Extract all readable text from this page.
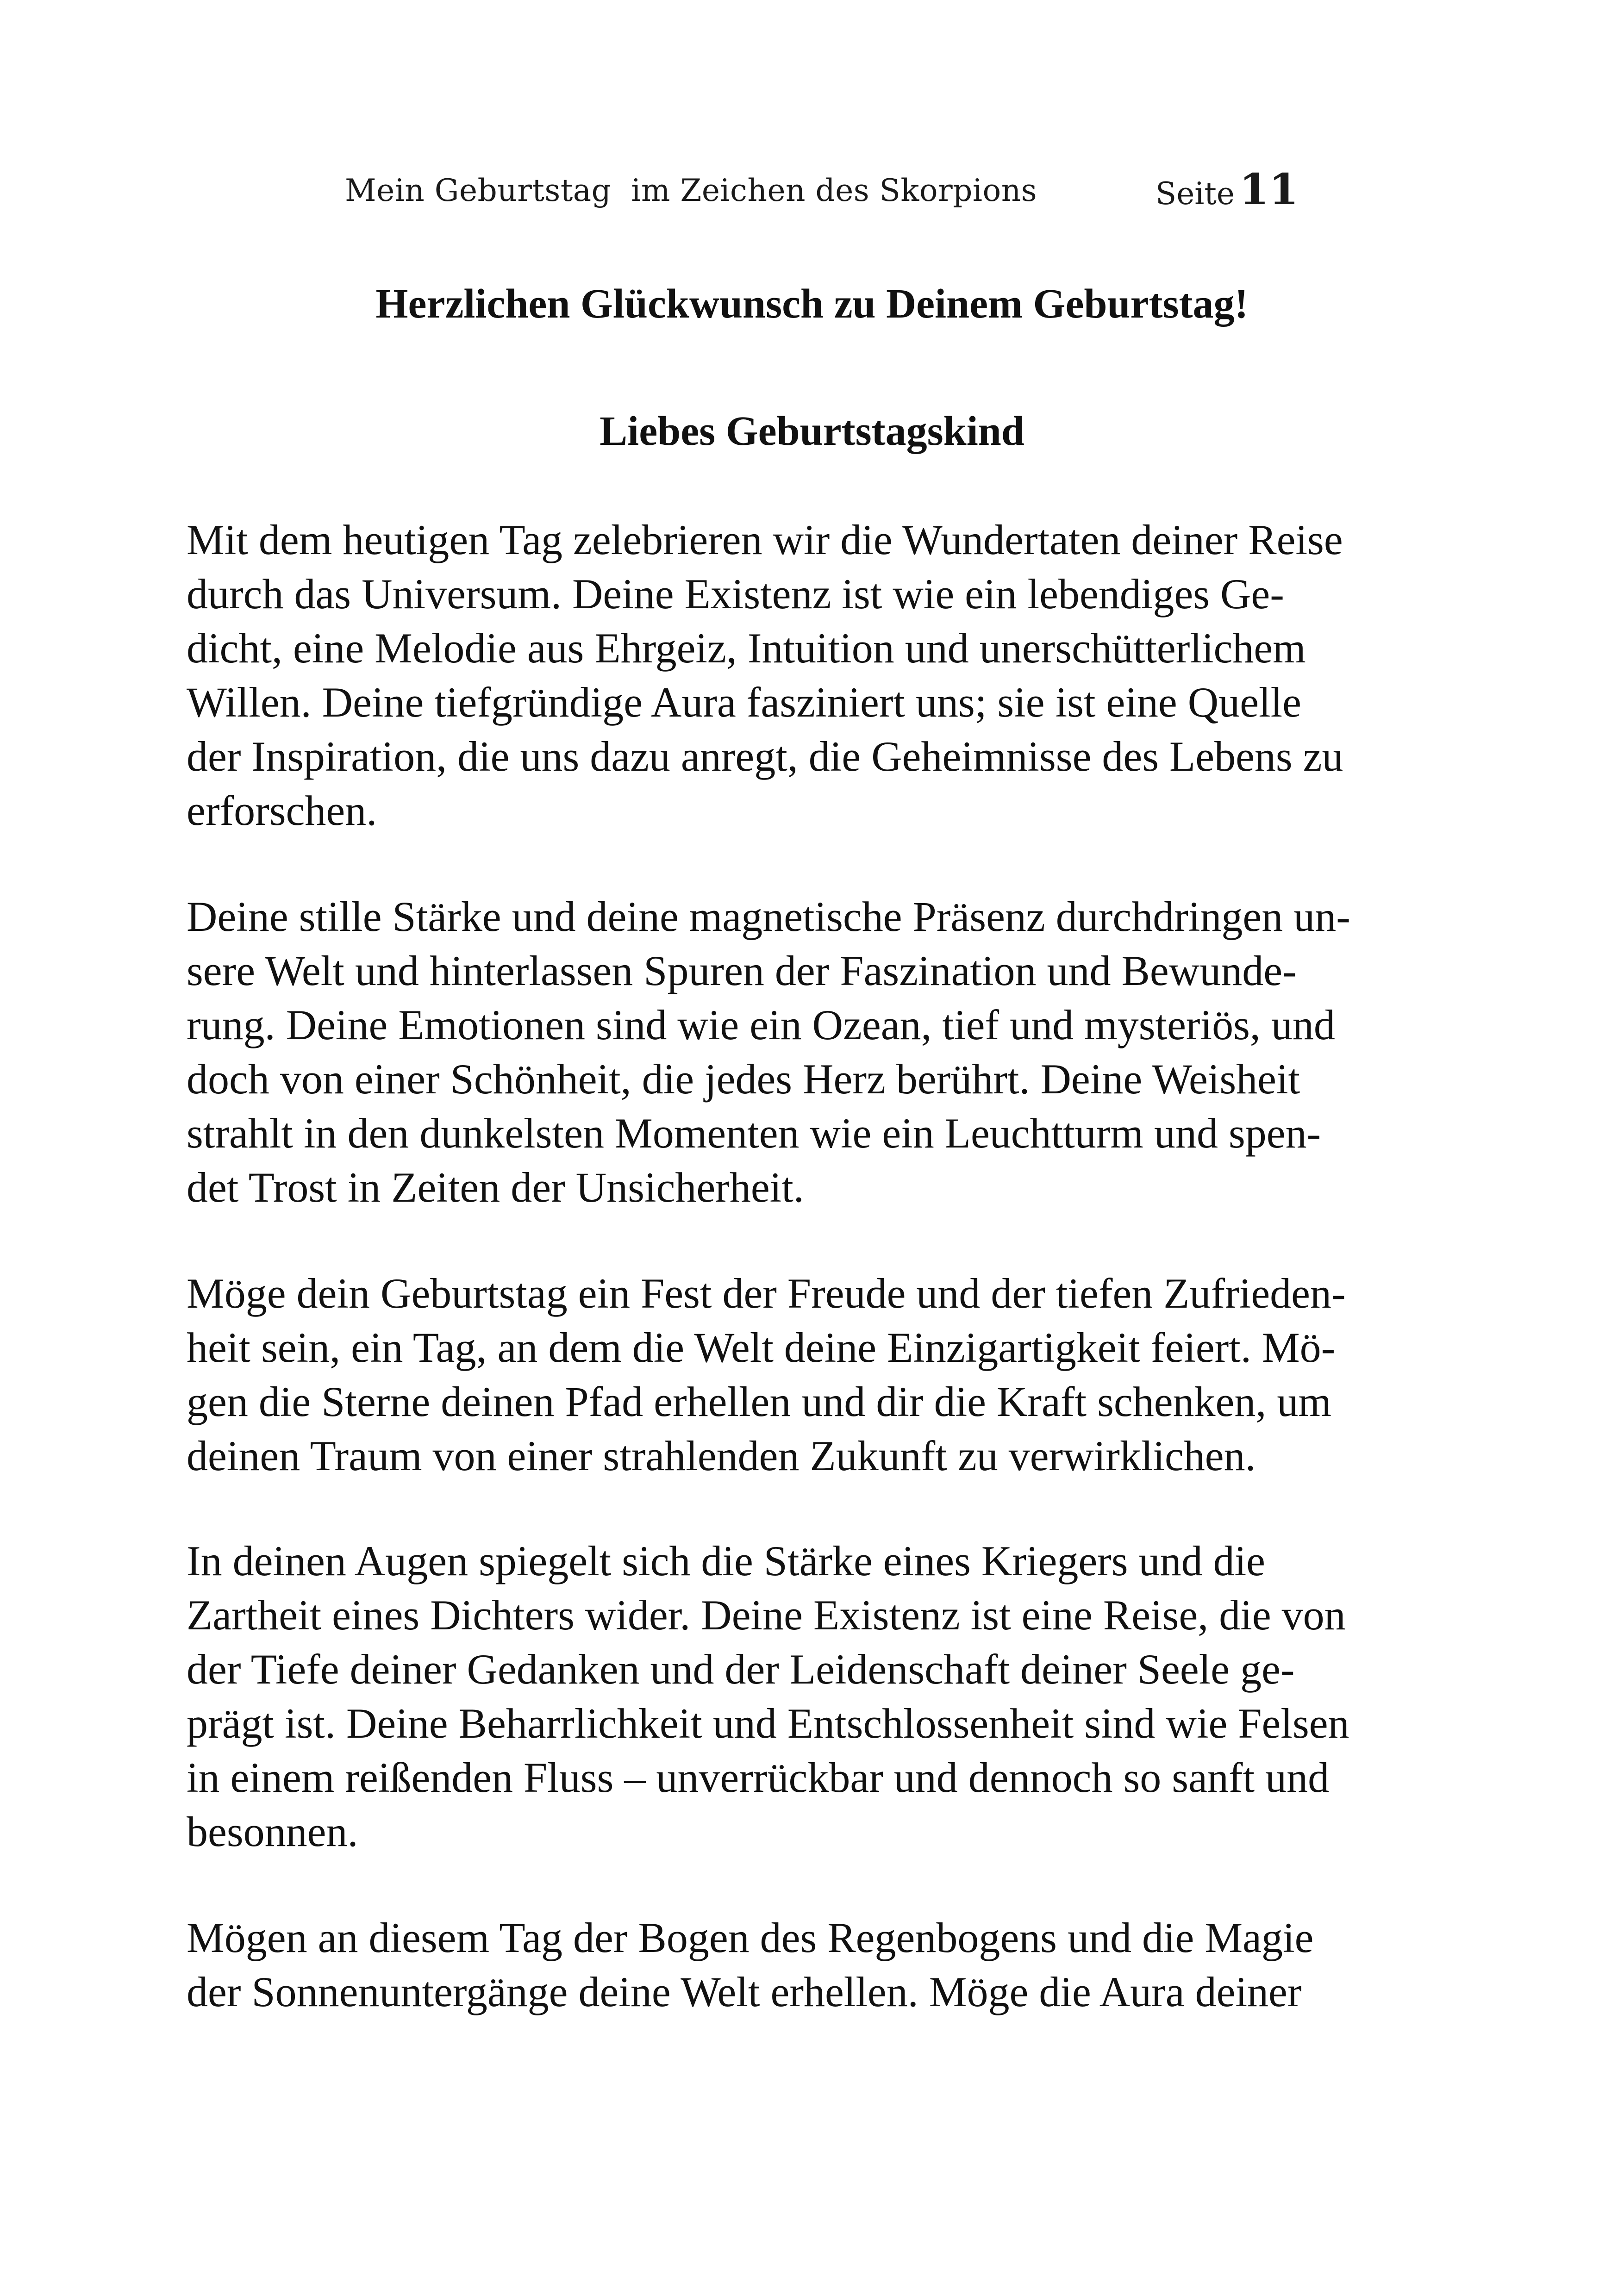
Mein Geburtstag  im Zeichen des Skorpions	Seite 11
Herzlichen Glückwunsch zu Deinem Geburtstag!
Liebes Geburtstagskind

Mit dem heutigen Tag zelebrieren wir die Wundertaten deiner Reise
durch das Universum. Deine Existenz ist wie ein lebendiges Ge-
dicht, eine Melodie aus Ehrgeiz, Intuition und unerschütterlichem
Willen. Deine tiefgründige Aura fasziniert uns; sie ist eine Quelle
der Inspiration, die uns dazu anregt, die Geheimnisse des Lebens zu
erforschen.

Deine stille Stärke und deine magnetische Präsenz durchdringen un-
sere Welt und hinterlassen Spuren der Faszination und Bewunde-
rung. Deine Emotionen sind wie ein Ozean, tief und mysteriös, und
doch von einer Schönheit, die jedes Herz berührt. Deine Weisheit
strahlt in den dunkelsten Momenten wie ein Leuchtturm und spen-
det Trost in Zeiten der Unsicherheit.

Möge dein Geburtstag ein Fest der Freude und der tiefen Zufrieden-
heit sein, ein Tag, an dem die Welt deine Einzigartigkeit feiert. Mö-
gen die Sterne deinen Pfad erhellen und dir die Kraft schenken, um
deinen Traum von einer strahlenden Zukunft zu verwirklichen.

In deinen Augen spiegelt sich die Stärke eines Kriegers und die
Zartheit eines Dichters wider. Deine Existenz ist eine Reise, die von
der Tiefe deiner Gedanken und der Leidenschaft deiner Seele ge-
prägt ist. Deine Beharrlichkeit und Entschlossenheit sind wie Felsen
in einem reißenden Fluss – unverrückbar und dennoch so sanft und
besonnen.

Mögen an diesem Tag der Bogen des Regenbogens und die Magie
der Sonnenuntergänge deine Welt erhellen. Möge die Aura deiner
